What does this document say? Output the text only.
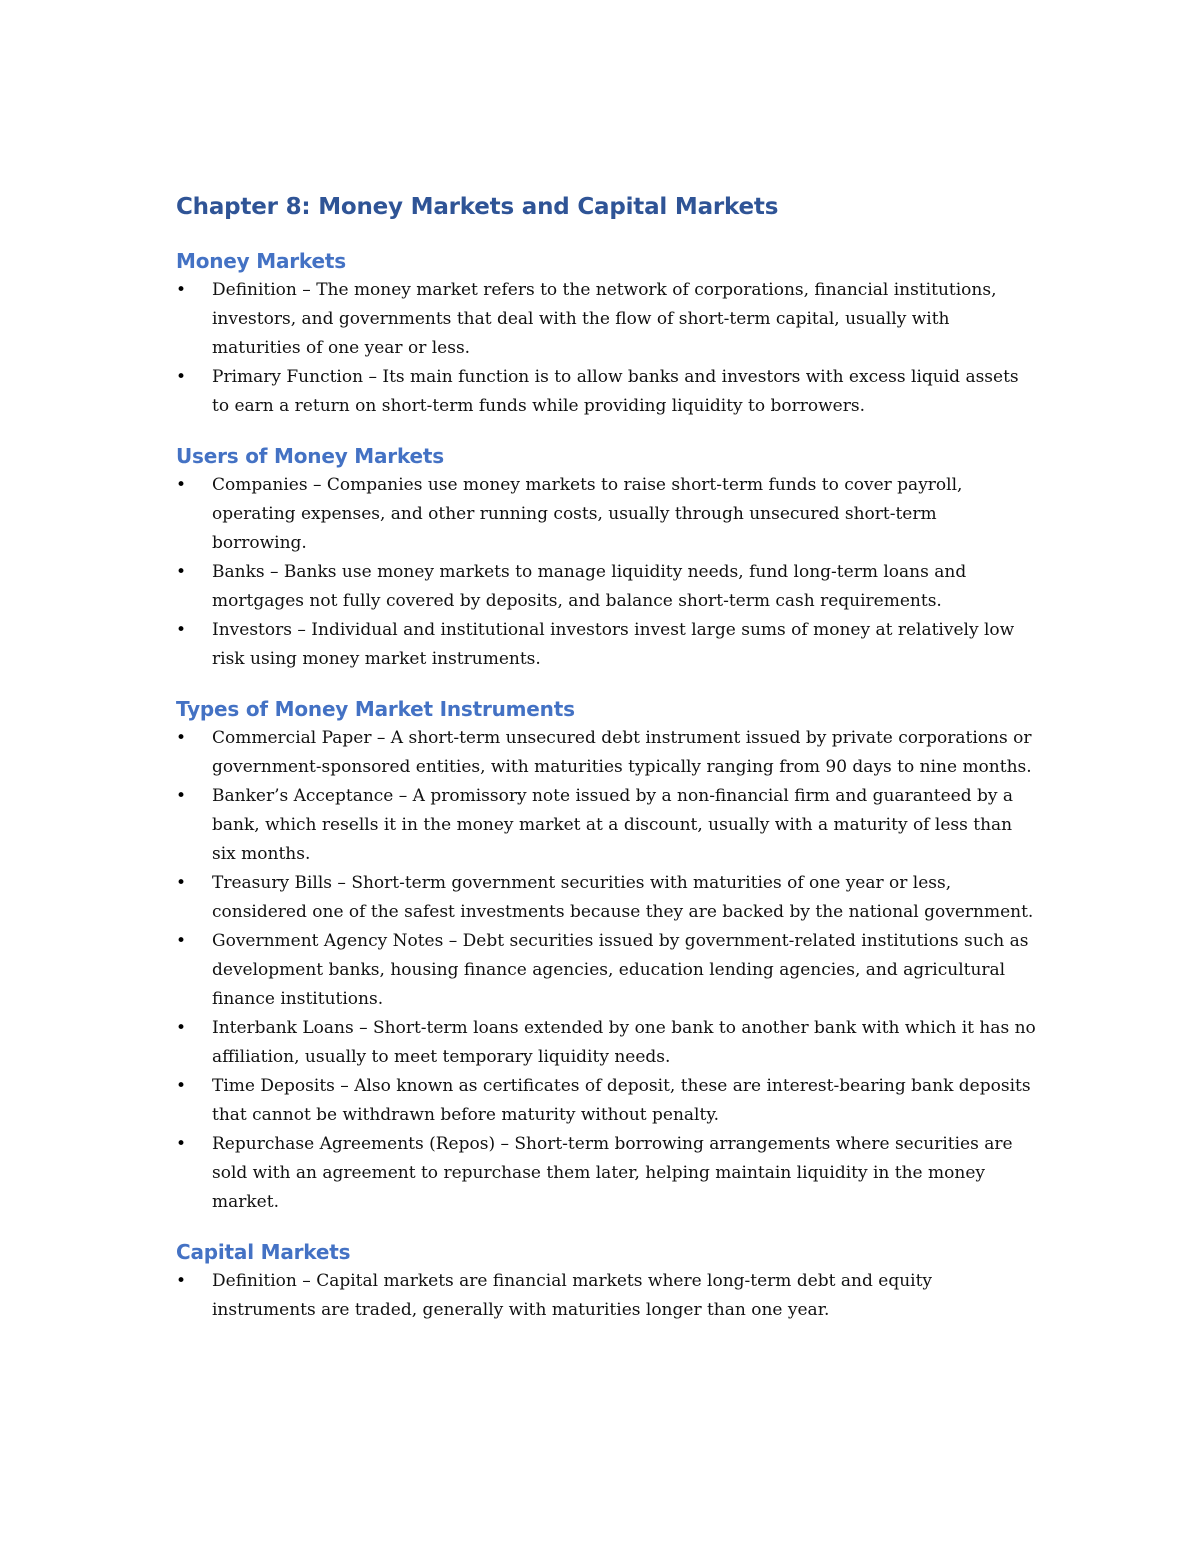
Chapter 8: Money Markets and Capital Markets
Money Markets
• Definition – The money market refers to the network of corporations, financial institutions, investors, and governments that deal with the flow of short-term capital, usually with maturities of one year or less.
• Primary Function – Its main function is to allow banks and investors with excess liquid assets to earn a return on short-term funds while providing liquidity to borrowers.
Users of Money Markets
• Companies – Companies use money markets to raise short-term funds to cover payroll, operating expenses, and other running costs, usually through unsecured short-term borrowing.
• Banks – Banks use money markets to manage liquidity needs, fund long-term loans and mortgages not fully covered by deposits, and balance short-term cash requirements.
• Investors – Individual and institutional investors invest large sums of money at relatively low risk using money market instruments.
Types of Money Market Instruments
• Commercial Paper – A short-term unsecured debt instrument issued by private corporations or government-sponsored entities, with maturities typically ranging from 90 days to nine months.
• Banker’s Acceptance – A promissory note issued by a non-financial firm and guaranteed by a bank, which resells it in the money market at a discount, usually with a maturity of less than six months.
• Treasury Bills – Short-term government securities with maturities of one year or less, considered one of the safest investments because they are backed by the national government.
• Government Agency Notes – Debt securities issued by government-related institutions such as development banks, housing finance agencies, education lending agencies, and agricultural finance institutions.
• Interbank Loans – Short-term loans extended by one bank to another bank with which it has no affiliation, usually to meet temporary liquidity needs.
• Time Deposits – Also known as certificates of deposit, these are interest-bearing bank deposits that cannot be withdrawn before maturity without penalty.
• Repurchase Agreements (Repos) – Short-term borrowing arrangements where securities are sold with an agreement to repurchase them later, helping maintain liquidity in the money market.
Capital Markets
• Definition – Capital markets are financial markets where long-term debt and equity instruments are traded, generally with maturities longer than one year.
